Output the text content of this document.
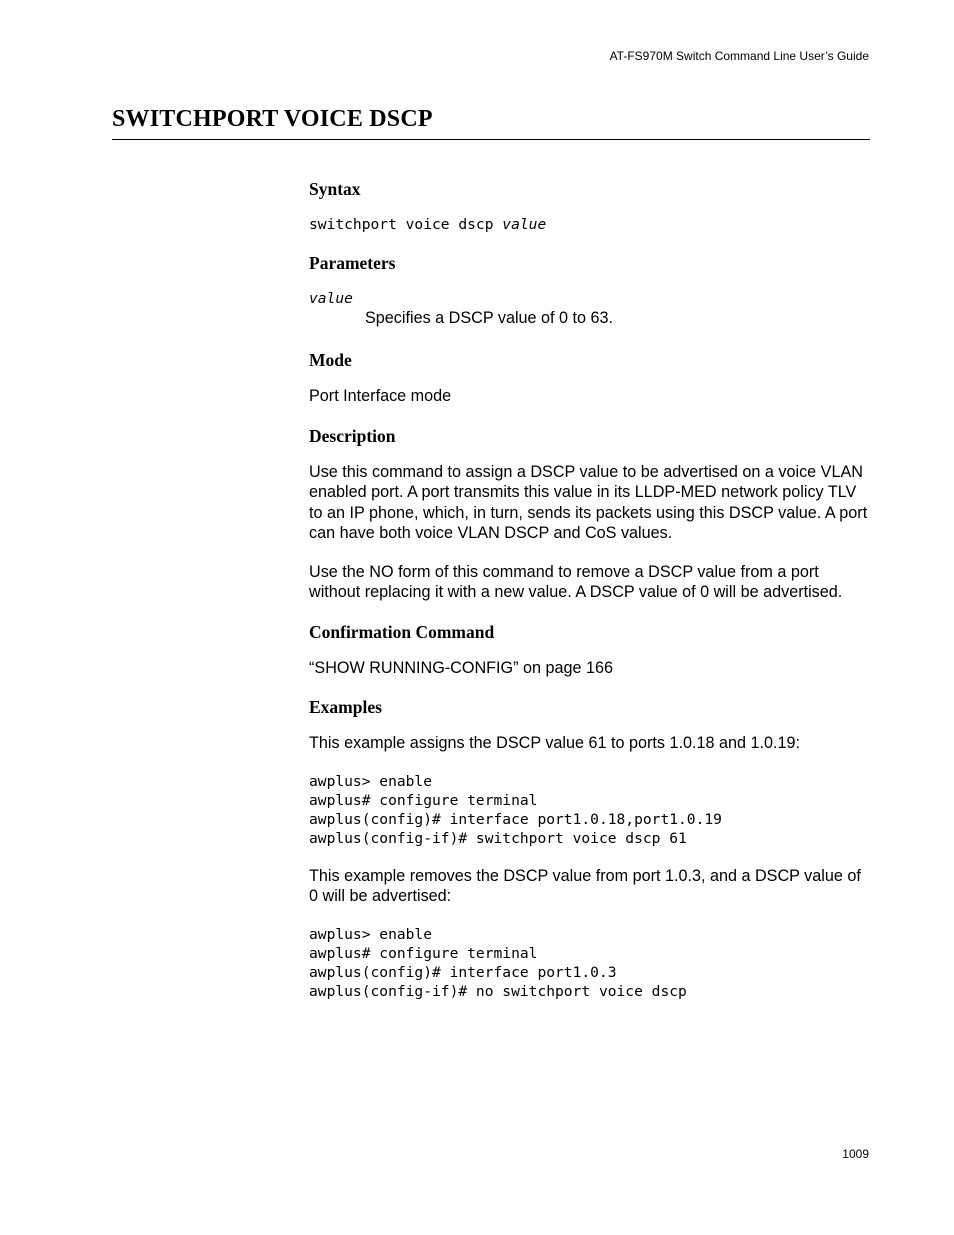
AT-FS970M Switch Command Line User’s Guide
SWITCHPORT VOICE DSCP
Syntax
switchport voice dscp value
Parameters
value
Specifies a DSCP value of 0 to 63.
Mode
Port Interface mode
Description
Use this command to assign a DSCP value to be advertised on a voice VLAN enabled port. A port transmits this value in its LLDP-MED network policy TLV to an IP phone, which, in turn, sends its packets using this DSCP value. A port can have both voice VLAN DSCP and CoS values.
Use the NO form of this command to remove a DSCP value from a port without replacing it with a new value. A DSCP value of 0 will be advertised.
Confirmation Command
“SHOW RUNNING-CONFIG” on page 166
Examples
This example assigns the DSCP value 61 to ports 1.0.18 and 1.0.19:
awplus> enable
awplus# configure terminal
awplus(config)# interface port1.0.18,port1.0.19
awplus(config-if)# switchport voice dscp 61
This example removes the DSCP value from port 1.0.3, and a DSCP value of 0 will be advertised:
awplus> enable
awplus# configure terminal
awplus(config)# interface port1.0.3
awplus(config-if)# no switchport voice dscp
1009
